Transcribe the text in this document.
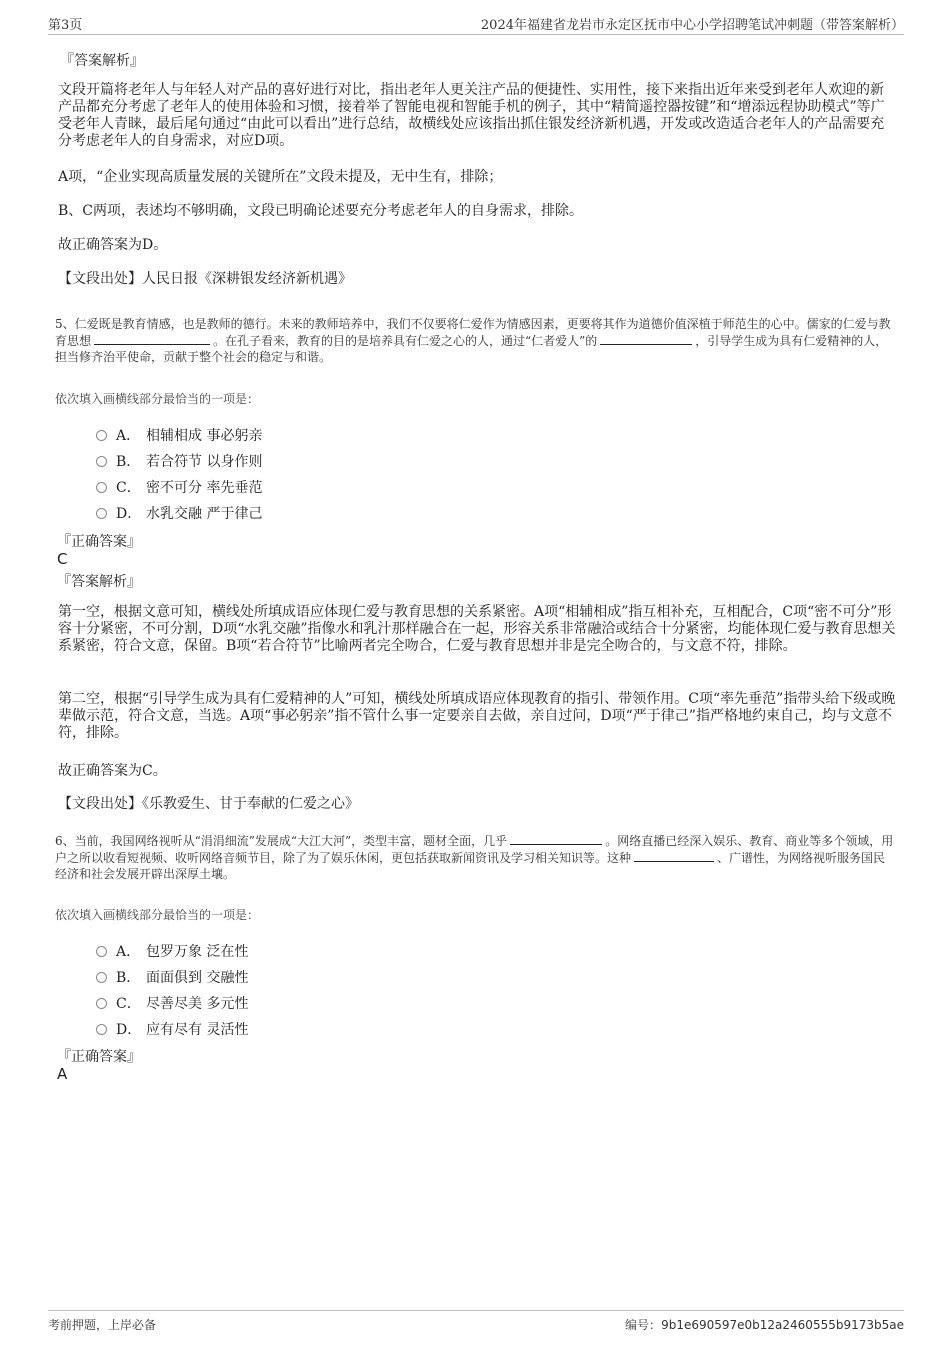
第3页	2024年福建省龙岩市永定区抚市中心小学招聘笔试冲刺题（带答案解析）
『答案解析』
文段开篇将老年人与年轻人对产品的喜好进行对比，指出老年人更关注产品的便捷性、实用性，接下来指出近年来受到老年人欢迎的新产品都充分考虑了老年人的使用体验和习惯，接着举了智能电视和智能手机的例子，其中“精简遥控器按键”和“增添远程协助模式”等广受老年人青睐，最后尾句通过“由此可以看出”进行总结，故横线处应该指出抓住银发经济新机遇，开发或改造适合老年人的产品需要充分考虑老年人的自身需求，对应D项。
A项，“企业实现高质量发展的关键所在”文段未提及，无中生有，排除；
B、C两项，表述均不够明确，文段已明确论述要充分考虑老年人的自身需求，排除。
故正确答案为D。
【文段出处】人民日报《深耕银发经济新机遇》
5、仁爱既是教育情感，也是教师的德行。未来的教师培养中，我们不仅要将仁爱作为情感因素，更要将其作为道德价值深植于师范生的心中。儒家的仁爱与教育思想	。在孔子看来，教育的目的是培养具有仁爱之心的人，通过“仁者爱人”的	，引导学生成为具有仁爱精神的人，担当修齐治平使命，贡献于整个社会的稳定与和谐。
依次填入画横线部分最恰当的一项是：
A． 相辅相成 事必躬亲
B． 若合符节 以身作则
C． 密不可分 率先垂范
D． 水乳交融 严于律己
『正确答案』
C
『答案解析』
第一空，根据文意可知，横线处所填成语应体现仁爱与教育思想的关系紧密。A项“相辅相成”指互相补充，互相配合，C项“密不可分”形容十分紧密，不可分割，D项“水乳交融”指像水和乳汁那样融合在一起，形容关系非常融洽或结合十分紧密，均能体现仁爱与教育思想关系紧密，符合文意，保留。B项“若合符节”比喻两者完全吻合，仁爱与教育思想并非是完全吻合的，与文意不符，排除。
第二空，根据“引导学生成为具有仁爱精神的人”可知，横线处所填成语应体现教育的指引、带领作用。C项“率先垂范”指带头给下级或晚辈做示范，符合文意，当选。A项“事必躬亲”指不管什么事一定要亲自去做，亲自过问，D项“严于律己”指严格地约束自己，均与文意不符，排除。
故正确答案为C。
【文段出处】《乐教爱生、甘于奉献的仁爱之心》
6、当前，我国网络视听从“涓涓细流”发展成“大江大河”，类型丰富，题材全面，几乎	。网络直播已经深入娱乐、教育、商业等多个领域，用户之所以收看短视频、收听网络音频节目，除了为了娱乐休闲，更包括获取新闻资讯及学习相关知识等。这种	、广谱性，为网络视听服务国民经济和社会发展开辟出深厚土壤。
依次填入画横线部分最恰当的一项是：
A． 包罗万象 泛在性
B． 面面俱到 交融性
C． 尽善尽美 多元性
D． 应有尽有 灵活性
『正确答案』
A
考前押题，上岸必备	编号：9b1e690597e0b12a2460555b9173b5ae
